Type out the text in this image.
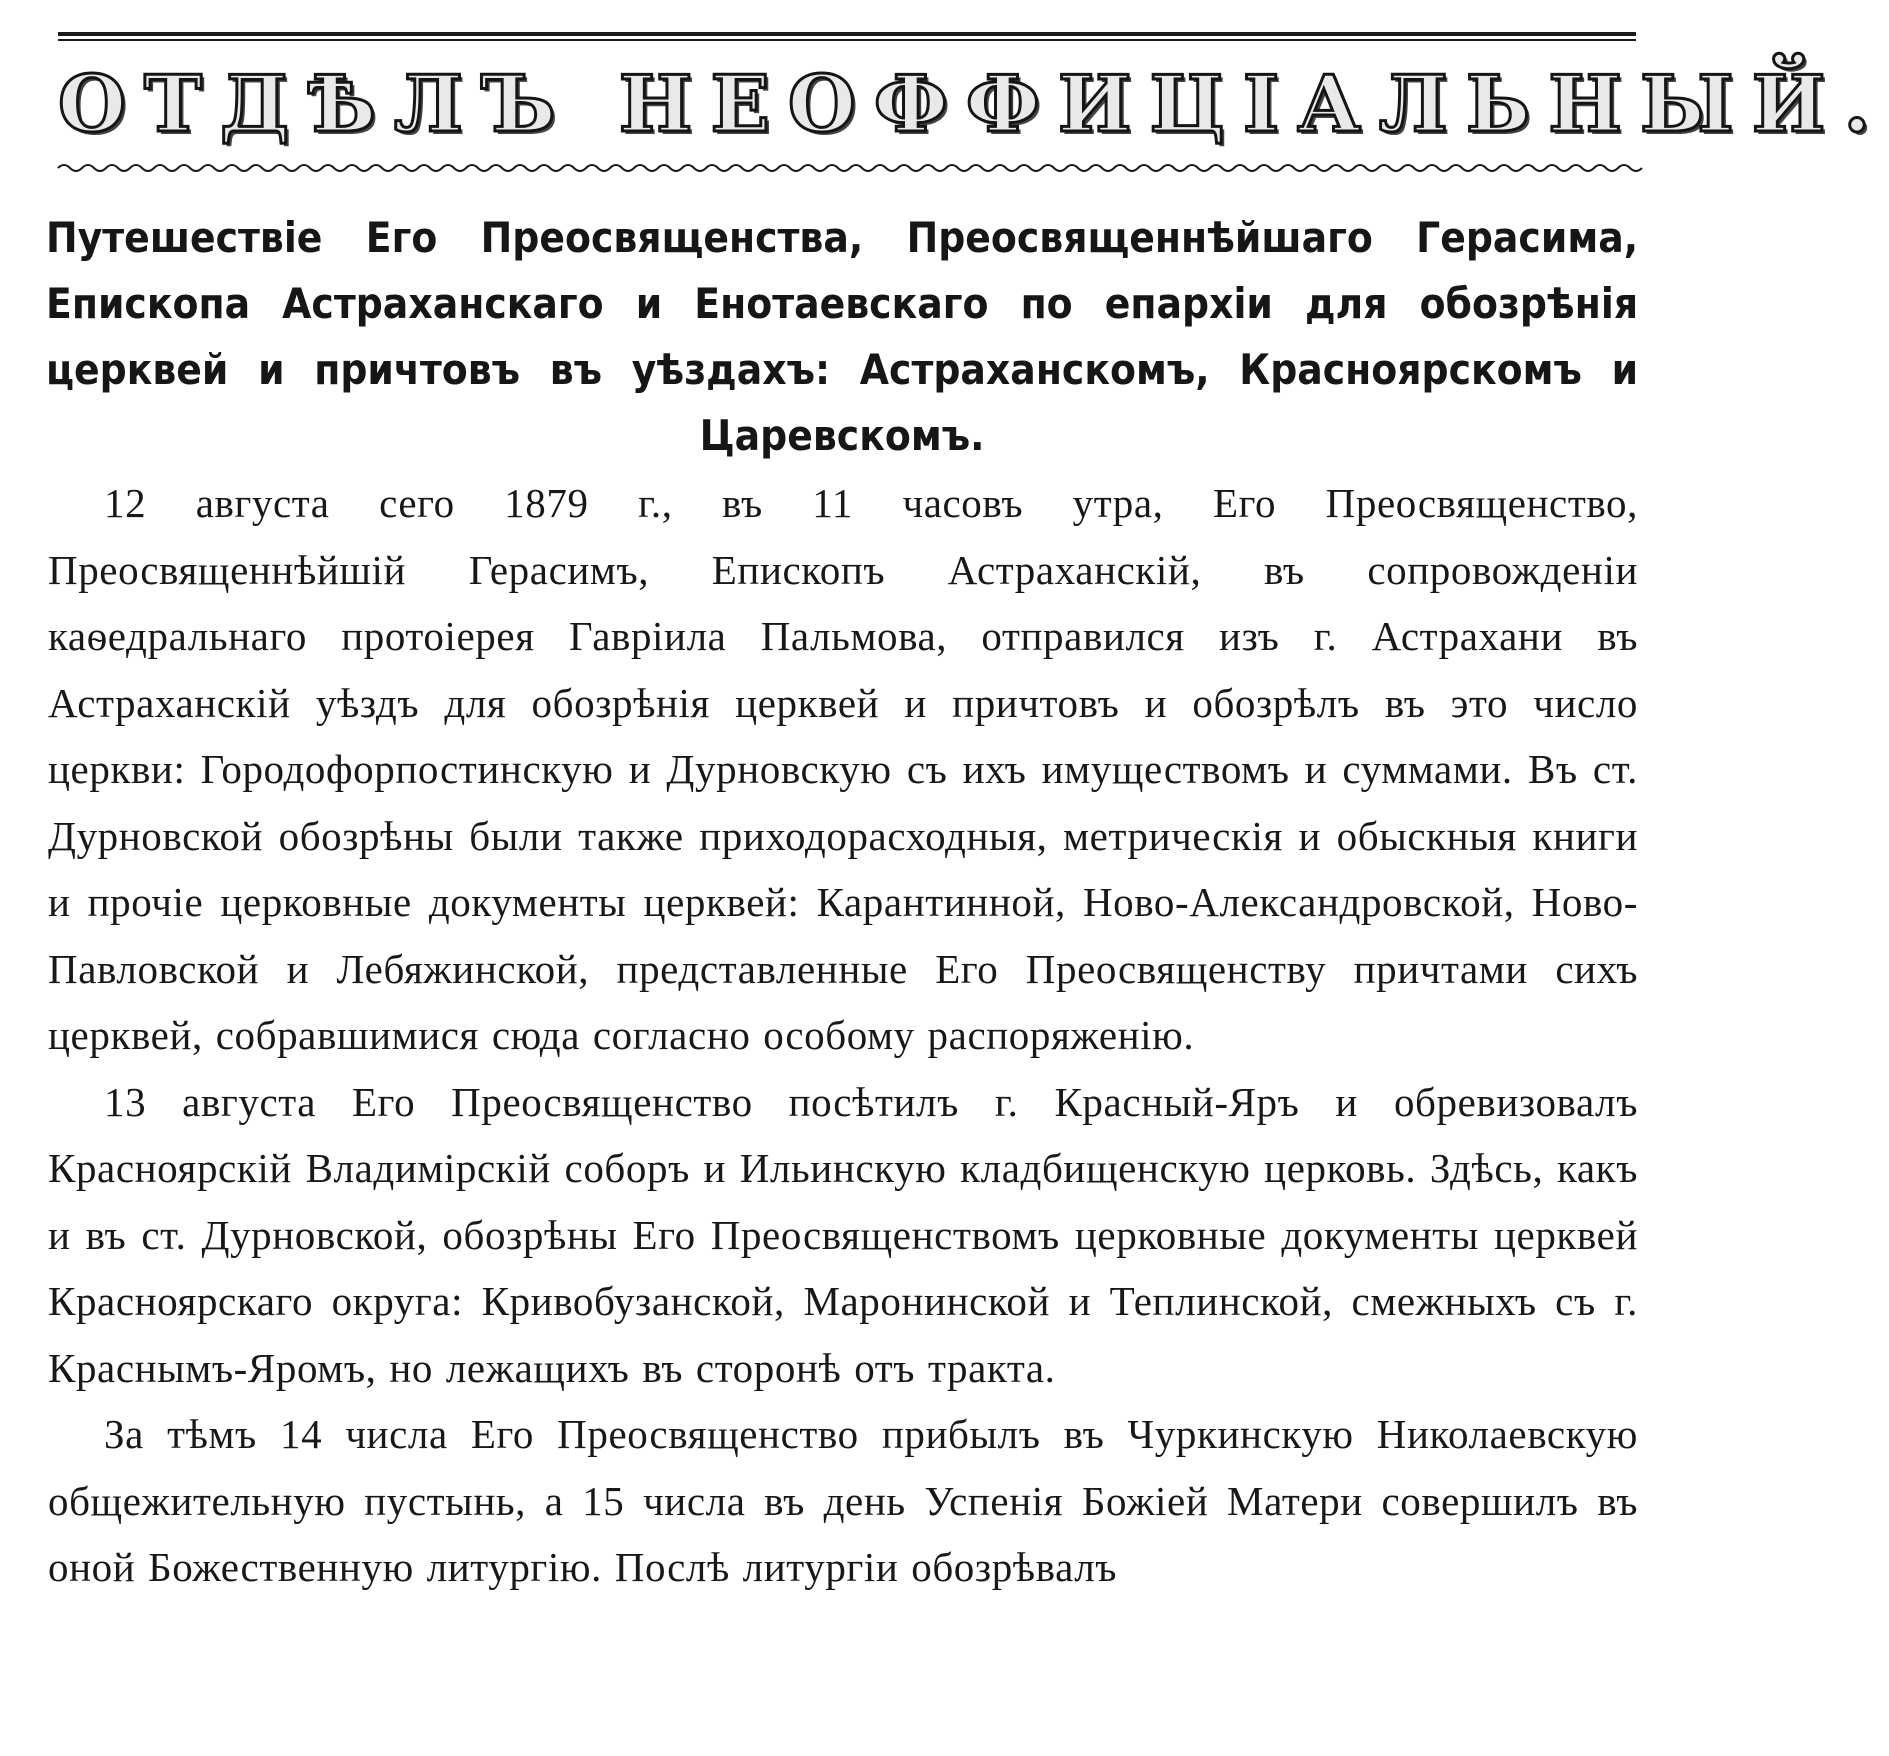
ОТДѢЛЪ НЕОФФИЦІАЛЬНЫЙ.
Путешествіе Его Преосвященства, Преосвященнѣйшаго Герасима, Епископа Астраханскаго и Енотаевскаго по епархіи для обозрѣнія церквей и причтовъ въ уѣздахъ: Астраханскомъ, Красноярскомъ и Царевскомъ.

12 августа сего 1879 г., въ 11 часовъ утра, Его Преосвященство, Преосвященнѣйшій Герасимъ, Епископъ Астраханскій, въ сопровожденіи каѳедральнаго протоіерея Гавріила Пальмова, отправился изъ г. Астрахани въ Астраханскій уѣздъ для обозрѣнія церквей и причтовъ и обозрѣлъ въ это число церкви: Городофорпостинскую и Дурновскую съ ихъ имуществомъ и суммами. Въ ст. Дурновской обозрѣны были также приходорасходныя, метрическія и обыскныя книги и прочіе церковные документы церквей: Карантинной, Ново-Александровской, Ново-Павловской и Лебяжинской, представленные Его Преосвященству причтами сихъ церквей, собравшимися сюда согласно особому распоряженію.

13 августа Его Преосвященство посѣтилъ г. Красный-Яръ и обревизовалъ Красноярскій Владимірскій соборъ и Ильинскую кладбищенскую церковь. Здѣсь, какъ и въ ст. Дурновской, обозрѣны Его Преосвященствомъ церковные документы церквей Красноярскаго округа: Кривобузанской, Маронинской и Теплинской, смежныхъ съ г. Краснымъ-Яромъ, но лежащихъ въ сторонѣ отъ тракта.

За тѣмъ 14 числа Его Преосвященство прибылъ въ Чуркинскую Николаевскую общежительную пустынь, а 15 числа въ день Успенія Божіей Матери совершилъ въ оной Божественную литургію. Послѣ литургіи обозрѣвалъ
